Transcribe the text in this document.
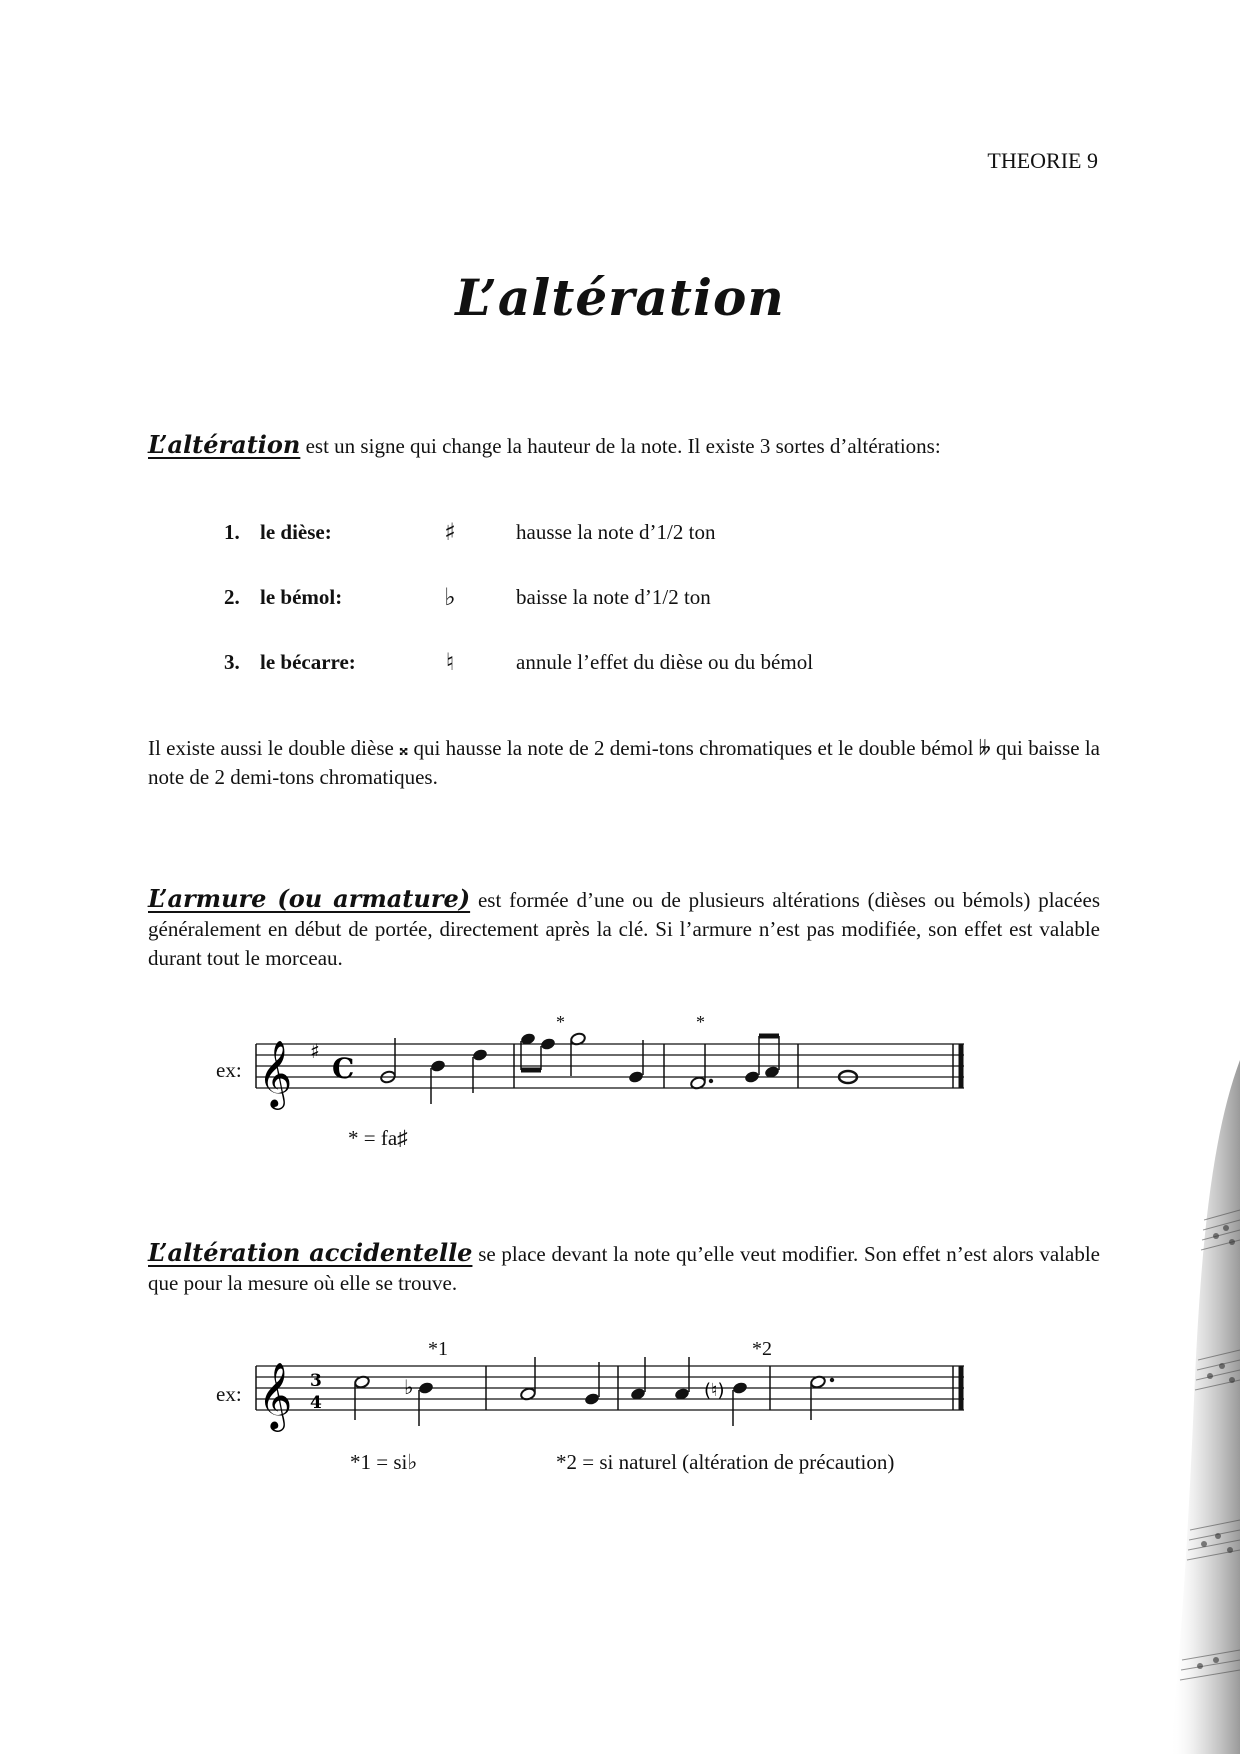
THEORIE 9
L’altération
L’altération est un signe qui change la hauteur de la note. Il existe 3 sortes d’altérations:
1. le dièse:	♯	hausse la note d’1/2 ton
2. le bémol:	♭	baisse la note d’1/2 ton
3. le bécarre:	♮	annule l’effet du dièse ou du bémol
Il existe aussi le double dièse 𝄪 qui hausse la note de 2 demi-tons chromatiques et le double bémol 𝄫 qui baisse la note de 2 demi-tons chromatiques.
L’armure (ou armature) est formée d’une ou de plusieurs altérations (dièses ou bémols) placées généralement en début de portée, directement après la clé. Si l’armure n’est pas modifiée, son effet est valable durant tout le morceau.
ex:
*	*
𝄞 ♯
C
* = fa♯
L’altération accidentelle se place devant la note qu’elle veut modifier. Son effet n’est alors valable que pour la mesure où elle se trouve.
ex:
*1	*2
𝄞 3
4
♭	(♮)
*1 = si♭	*2 = si naturel (altération de précaution)
